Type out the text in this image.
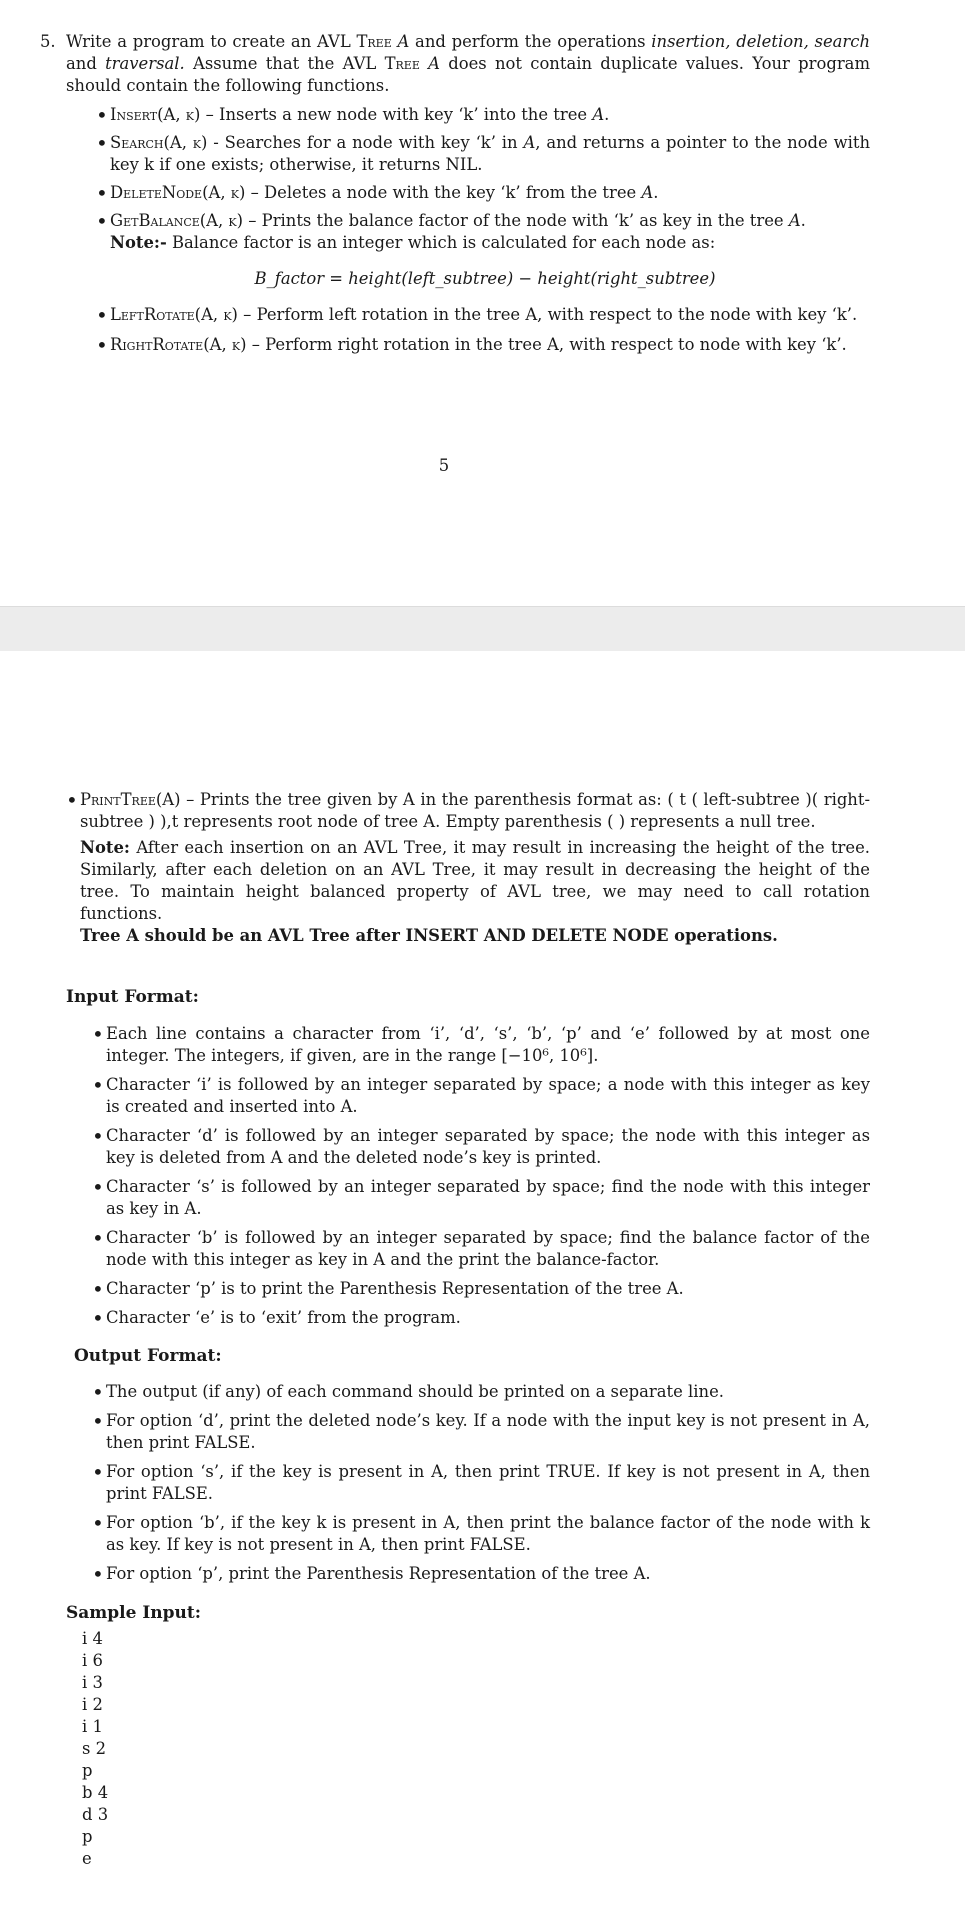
5. Write a program to create an AVL Tree A and perform the operations insertion, deletion, search and traversal. Assume that the AVL Tree A does not contain duplicate values. Your program should contain the following functions.
• Insert(A, k) – Inserts a new node with key ‘k’ into the tree A.
• Search(A, k) - Searches for a node with key ‘k’ in A, and returns a pointer to the node with key k if one exists; otherwise, it returns NIL.
• DeleteNode(A, k) – Deletes a node with the key ‘k’ from the tree A.
• GetBalance(A, k) – Prints the balance factor of the node with ‘k’ as key in the tree A.
Note:- Balance factor is an integer which is calculated for each node as:
B_factor = height(left_subtree) − height(right_subtree)
• LeftRotate(A, k) – Perform left rotation in the tree A, with respect to the node with key ‘k’.
• RightRotate(A, k) – Perform right rotation in the tree A, with respect to node with key ‘k’.
5
• PrintTree(A) – Prints the tree given by A in the parenthesis format as: ( t ( left-subtree )( right-subtree ) ),t represents root node of tree A. Empty parenthesis ( ) represents a null tree.
Note: After each insertion on an AVL Tree, it may result in increasing the height of the tree. Similarly, after each deletion on an AVL Tree, it may result in decreasing the height of the tree. To maintain height balanced property of AVL tree, we may need to call rotation functions.
Tree A should be an AVL Tree after INSERT AND DELETE NODE operations.
Input Format:
• Each line contains a character from ‘i’, ‘d’, ‘s’, ‘b’, ‘p’ and ‘e’ followed by at most one integer. The integers, if given, are in the range [−10⁶, 10⁶].
• Character ‘i’ is followed by an integer separated by space; a node with this integer as key is created and inserted into A.
• Character ‘d’ is followed by an integer separated by space; the node with this integer as key is deleted from A and the deleted node’s key is printed.
• Character ‘s’ is followed by an integer separated by space; find the node with this integer as key in A.
• Character ‘b’ is followed by an integer separated by space; find the balance factor of the node with this integer as key in A and the print the balance-factor.
• Character ‘p’ is to print the Parenthesis Representation of the tree A.
• Character ‘e’ is to ‘exit’ from the program.
Output Format:
• The output (if any) of each command should be printed on a separate line.
• For option ‘d’, print the deleted node’s key. If a node with the input key is not present in A, then print FALSE.
• For option ‘s’, if the key is present in A, then print TRUE. If key is not present in A, then print FALSE.
• For option ‘b’, if the key k is present in A, then print the balance factor of the node with k as key. If key is not present in A, then print FALSE.
• For option ‘p’, print the Parenthesis Representation of the tree A.
Sample Input:
i 4
i 6
i 3
i 2
i 1
s 2
p
b 4
d 3
p
e
